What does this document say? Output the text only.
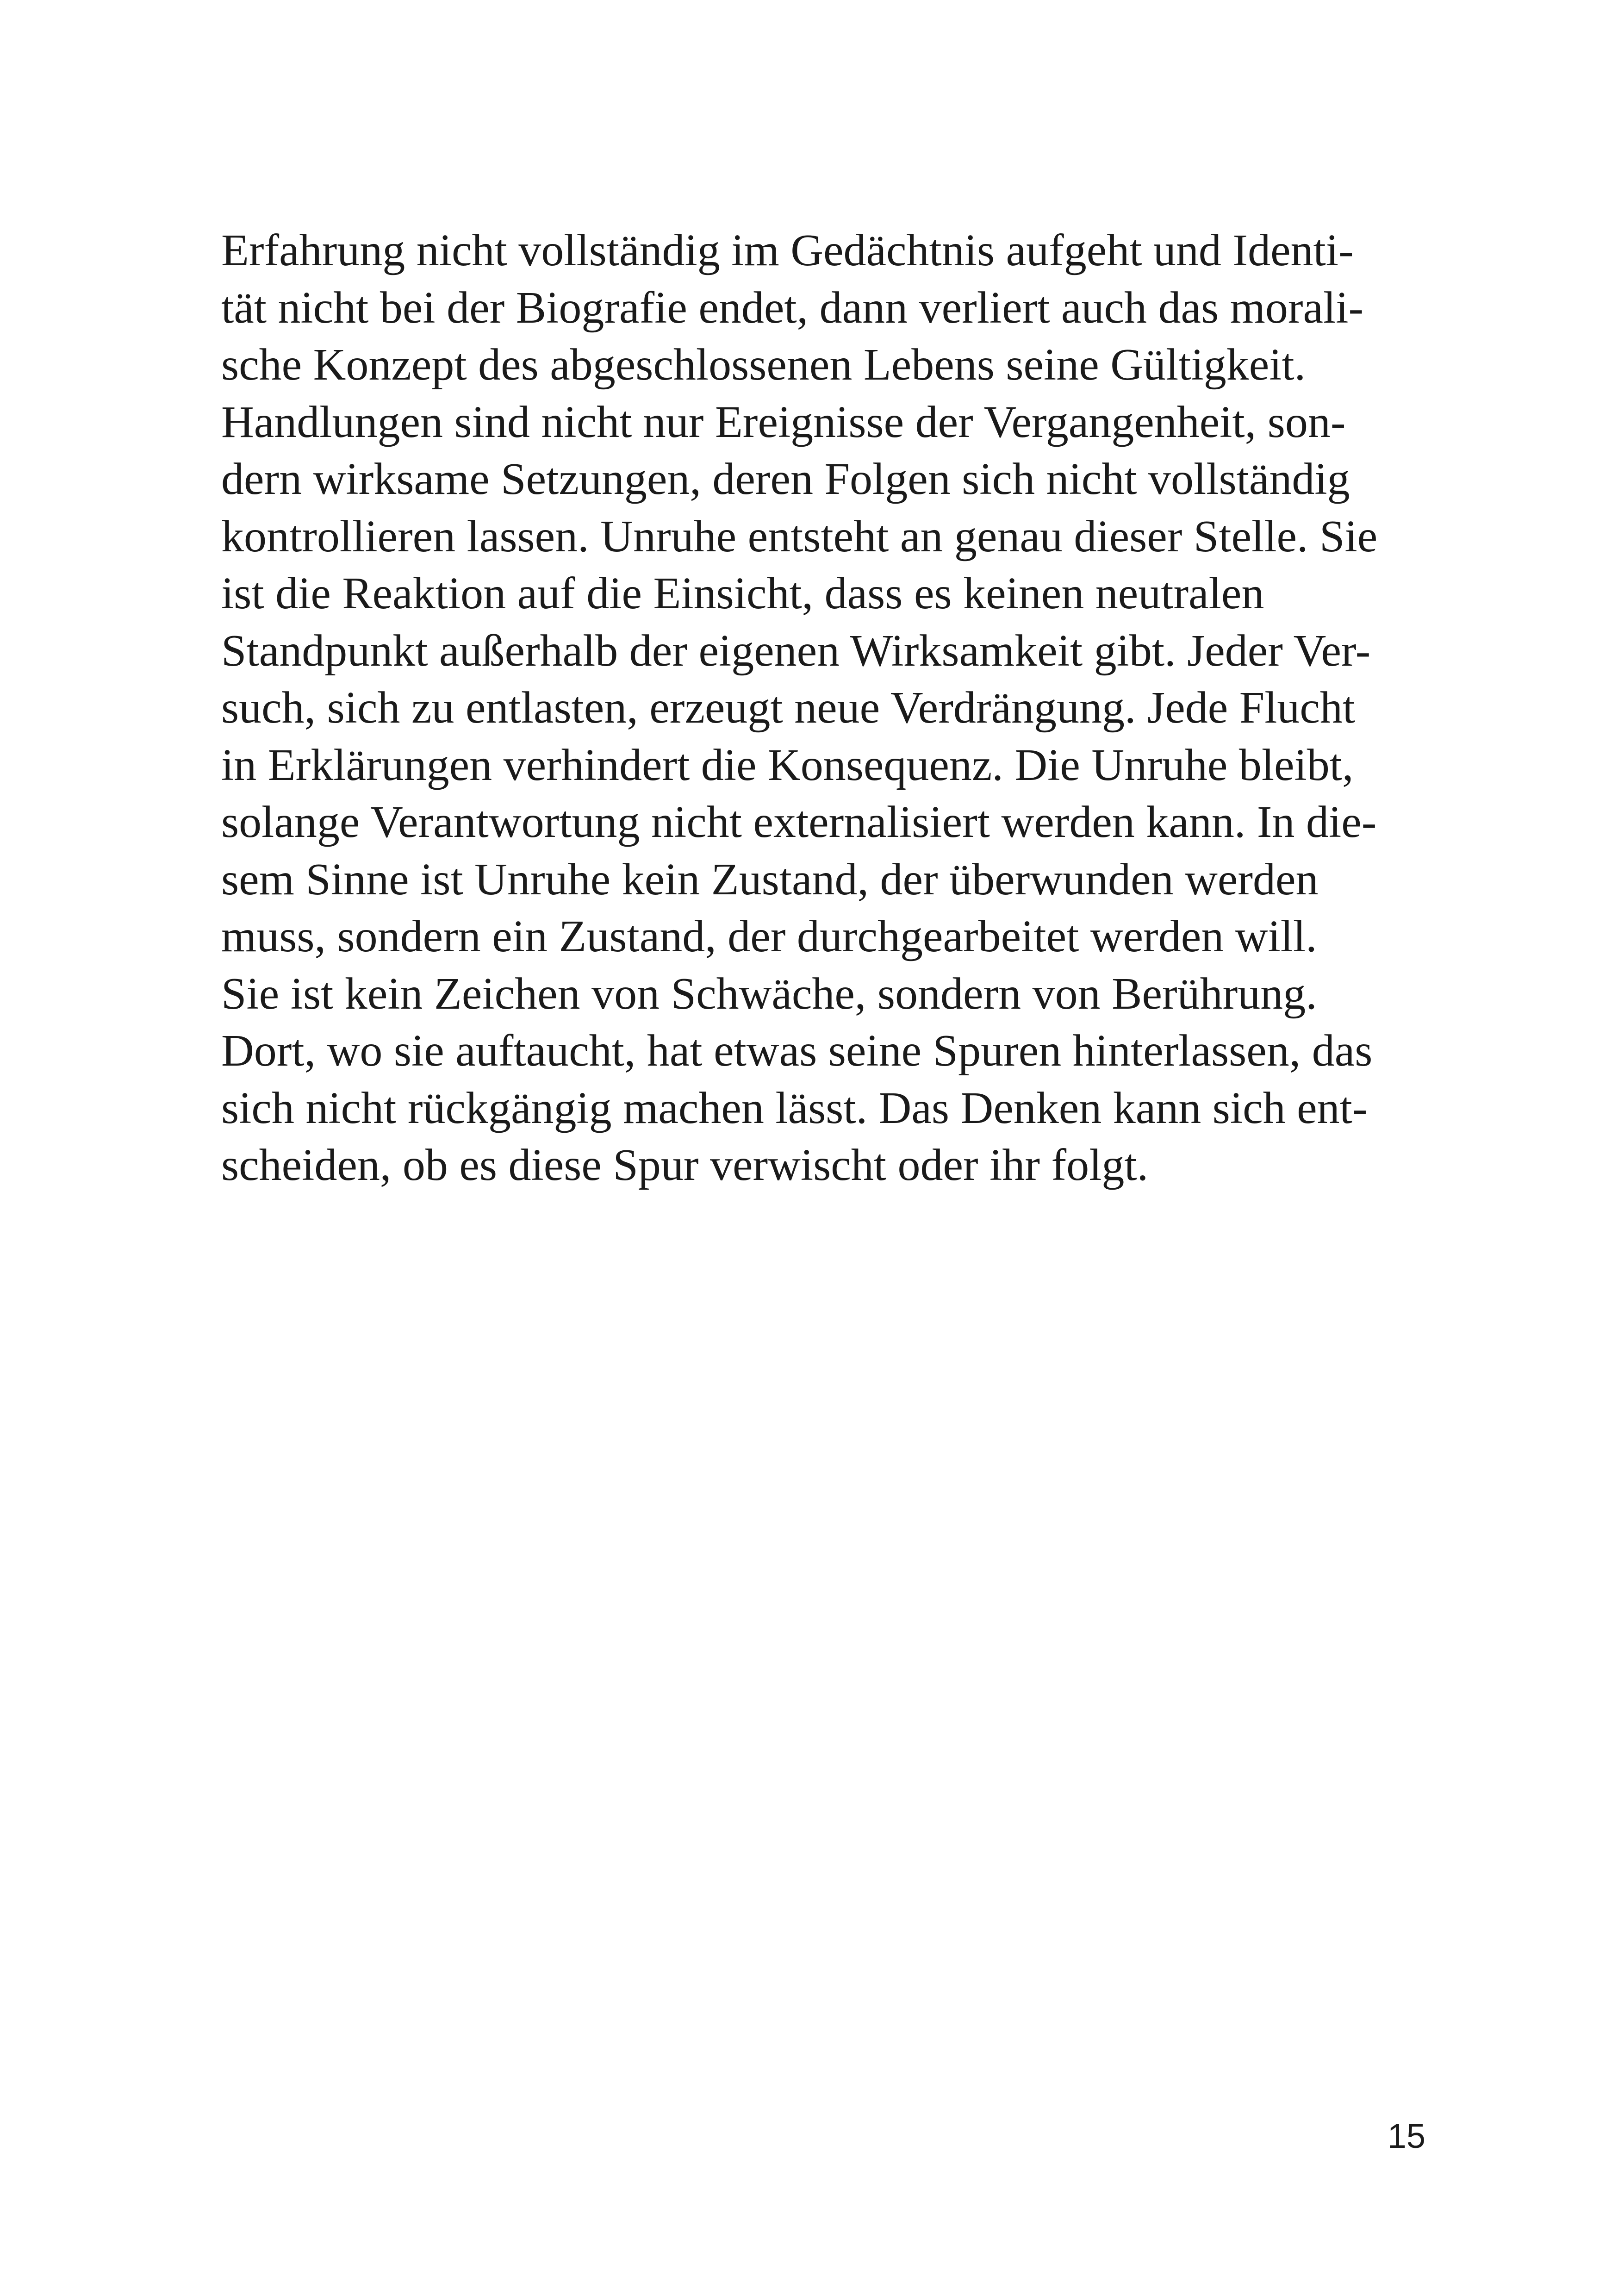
Erfahrung nicht vollständig im Gedächtnis aufgeht und Identi-
tät nicht bei der Biografie endet, dann verliert auch das morali-
sche Konzept des abgeschlossenen Lebens seine Gültigkeit.
Handlungen sind nicht nur Ereignisse der Vergangenheit, son-
dern wirksame Setzungen, deren Folgen sich nicht vollständig
kontrollieren lassen. Unruhe entsteht an genau dieser Stelle. Sie
ist die Reaktion auf die Einsicht, dass es keinen neutralen
Standpunkt außerhalb der eigenen Wirksamkeit gibt. Jeder Ver-
such, sich zu entlasten, erzeugt neue Verdrängung. Jede Flucht
in Erklärungen verhindert die Konsequenz. Die Unruhe bleibt,
solange Verantwortung nicht externalisiert werden kann. In die-
sem Sinne ist Unruhe kein Zustand, der überwunden werden
muss, sondern ein Zustand, der durchgearbeitet werden will.
Sie ist kein Zeichen von Schwäche, sondern von Berührung.
Dort, wo sie auftaucht, hat etwas seine Spuren hinterlassen, das
sich nicht rückgängig machen lässt. Das Denken kann sich ent-
scheiden, ob es diese Spur verwischt oder ihr folgt.
15
